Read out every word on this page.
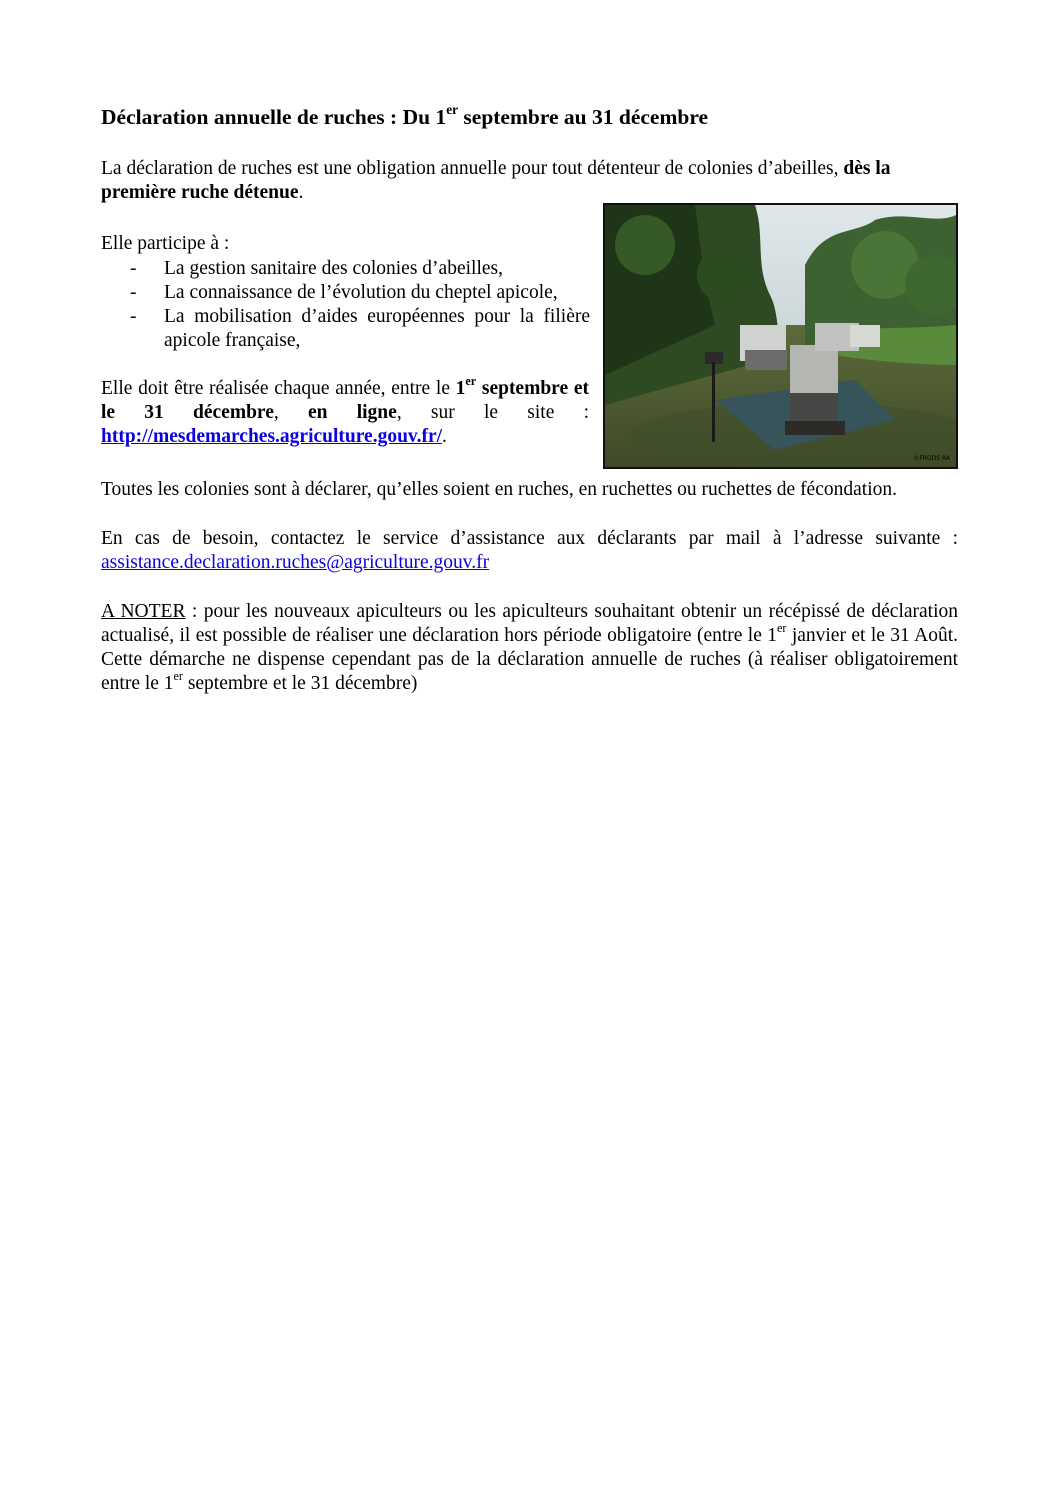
Déclaration annuelle de ruches : Du 1er septembre au 31 décembre
La déclaration de ruches est une obligation annuelle pour tout détenteur de colonies d’abeilles, dès la première ruche détenue.
Elle participe à :
- La gestion sanitaire des colonies d’abeilles,
- La connaissance de l’évolution du cheptel apicole,
- La mobilisation d’aides européennes pour la filière apicole française,
Elle doit être réalisée chaque année, entre le 1er septembre et le 31 décembre, en ligne, sur le site : http://mesdemarches.agriculture.gouv.fr/.
©FRGDS RA
Toutes les colonies sont à déclarer, qu’elles soient en ruches, en ruchettes ou ruchettes de fécondation.
En cas de besoin, contactez le service d’assistance aux déclarants par mail à l’adresse suivante : assistance.declaration.ruches@agriculture.gouv.fr
A NOTER : pour les nouveaux apiculteurs ou les apiculteurs souhaitant obtenir un récépissé de déclaration actualisé, il est possible de réaliser une déclaration hors période obligatoire (entre le 1er janvier et le 31 Août. Cette démarche ne dispense cependant pas de la déclaration annuelle de ruches (à réaliser obligatoirement entre le 1er septembre et le 31 décembre)
